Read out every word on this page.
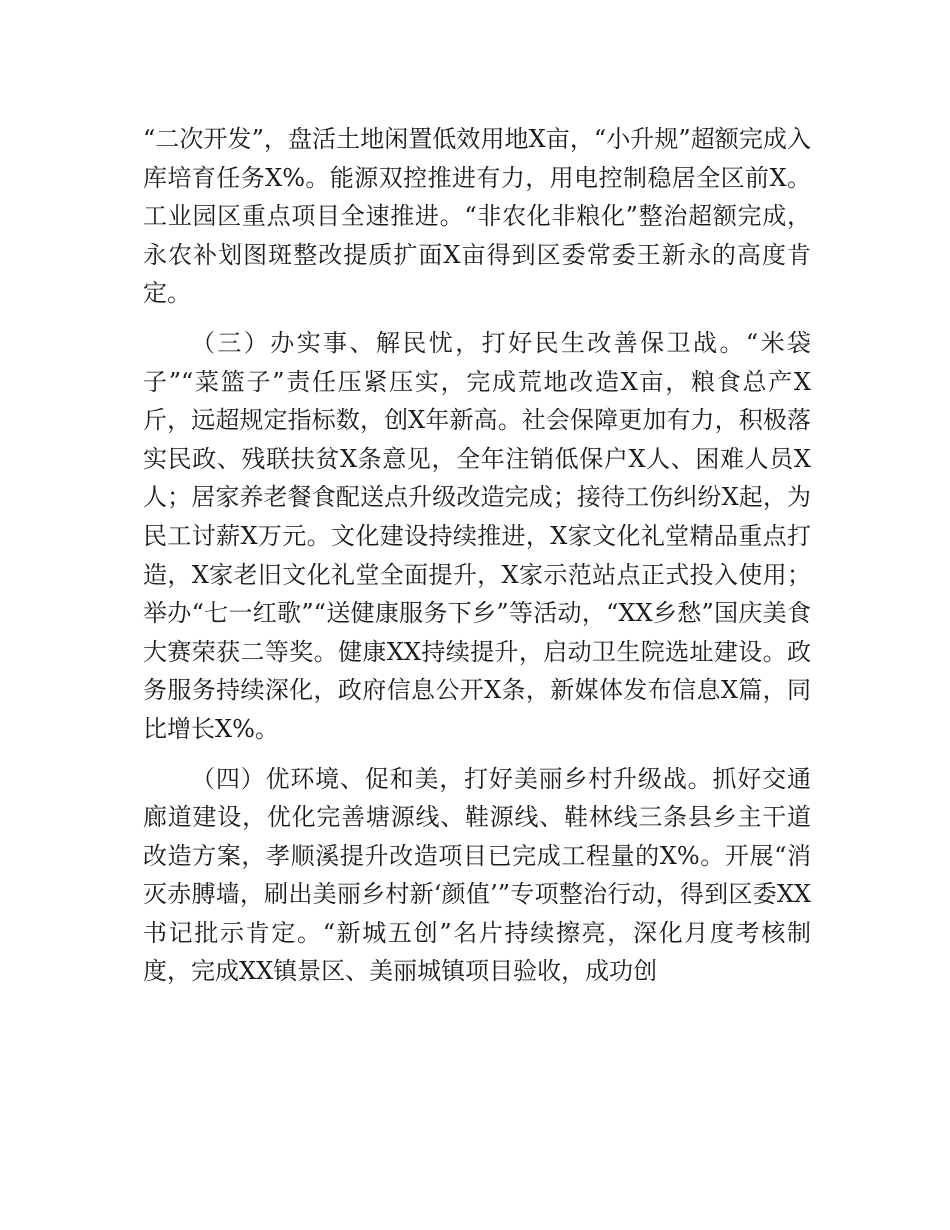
“二次开发”，盘活土地闲置低效用地X亩，“小升规”超额完成入库培育任务X%。能源双控推进有力，用电控制稳居全区前X。工业园区重点项目全速推进。“非农化非粮化”整治超额完成，永农补划图斑整改提质扩面X亩得到区委常委王新永的高度肯定。

（三）办实事、解民忧，打好民生改善保卫战。“米袋子”“菜篮子”责任压紧压实，完成荒地改造X亩，粮食总产X斤，远超规定指标数，创X年新高。社会保障更加有力，积极落实民政、残联扶贫X条意见，全年注销低保户X人、困难人员X人；居家养老餐食配送点升级改造完成；接待工伤纠纷X起，为民工讨薪X万元。文化建设持续推进，X家文化礼堂精品重点打造，X家老旧文化礼堂全面提升，X家示范站点正式投入使用；举办“七一红歌”“送健康服务下乡”等活动，“XX乡愁”国庆美食大赛荣获二等奖。健康XX持续提升，启动卫生院选址建设。政务服务持续深化，政府信息公开X条，新媒体发布信息X篇，同比增长X%。

（四）优环境、促和美，打好美丽乡村升级战。抓好交通廊道建设，优化完善塘源线、鞋源线、鞋林线三条县乡主干道改造方案，孝顺溪提升改造项目已完成工程量的X%。开展“消灭赤膊墙，刷出美丽乡村新‘颜值’”专项整治行动，得到区委XX书记批示肯定。“新城五创”名片持续擦亮，深化月度考核制度，完成XX镇景区、美丽城镇项目验收，成功创
